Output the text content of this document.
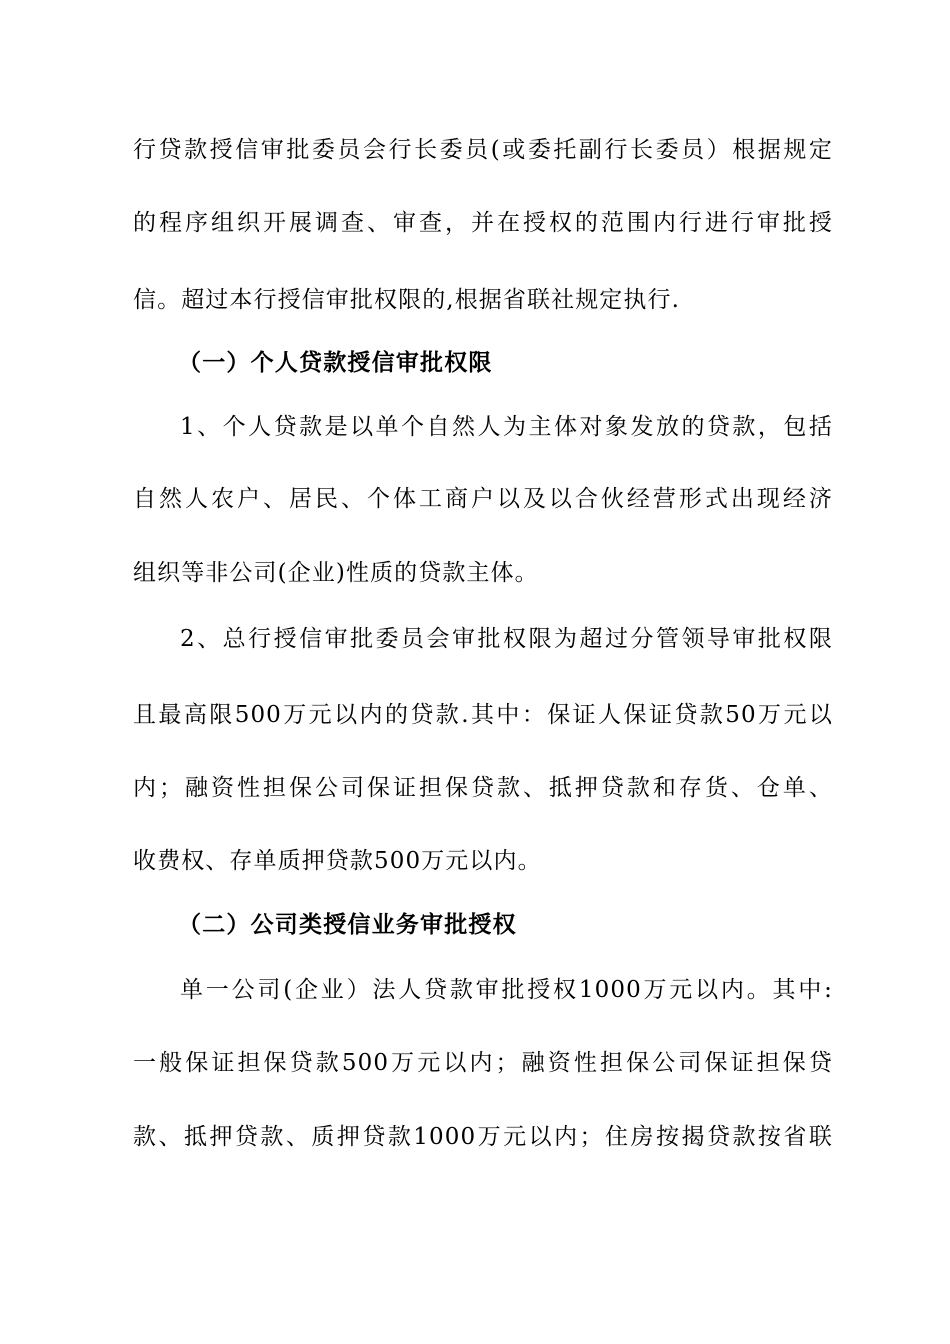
行贷款授信审批委员会行长委员(或委托副行长委员）根据规定
的程序组织开展调查、审查，并在授权的范围内行进行审批授
信。超过本行授信审批权限的,根据省联社规定执行.
（一）个人贷款授信审批权限
1、个人贷款是以单个自然人为主体对象发放的贷款，包括
自然人农户、居民、个体工商户以及以合伙经营形式出现经济
组织等非公司(企业)性质的贷款主体。
2、总行授信审批委员会审批权限为超过分管领导审批权限
且最高限500万元以内的贷款.其中：保证人保证贷款50万元以
内；融资性担保公司保证担保贷款、抵押贷款和存货、仓单、
收费权、存单质押贷款500万元以内。
（二）公司类授信业务审批授权
单一公司(企业）法人贷款审批授权1000万元以内。其中:
一般保证担保贷款500万元以内；融资性担保公司保证担保贷
款、抵押贷款、质押贷款1000万元以内；住房按揭贷款按省联
